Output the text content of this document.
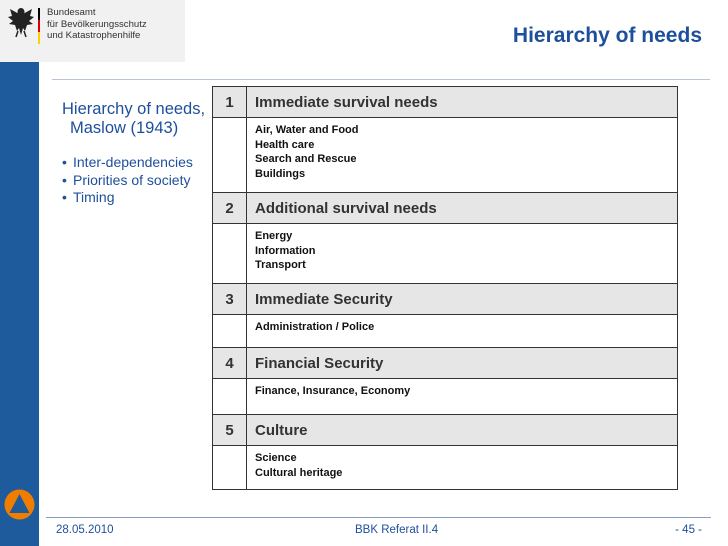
Bundesamt
für Bevölkerungsschutz
und Katastrophenhilfe	Hierarchy of needs
Hierarchy of needs, Maslow (1943)
• Inter-dependencies
• Priorities of society
• Timing
1	Immediate survival needs

	Air, Water and Food
Health care
Search and Rescue
Buildings

2	Additional survival needs

	Energy
Information
Transport

3	Immediate Security

	Administration / Police

4	Financial Security

	Finance, Insurance, Economy

5	Culture

	Science
Cultural heritage
28.05.2010	BBK Referat II.4	- 45 -
